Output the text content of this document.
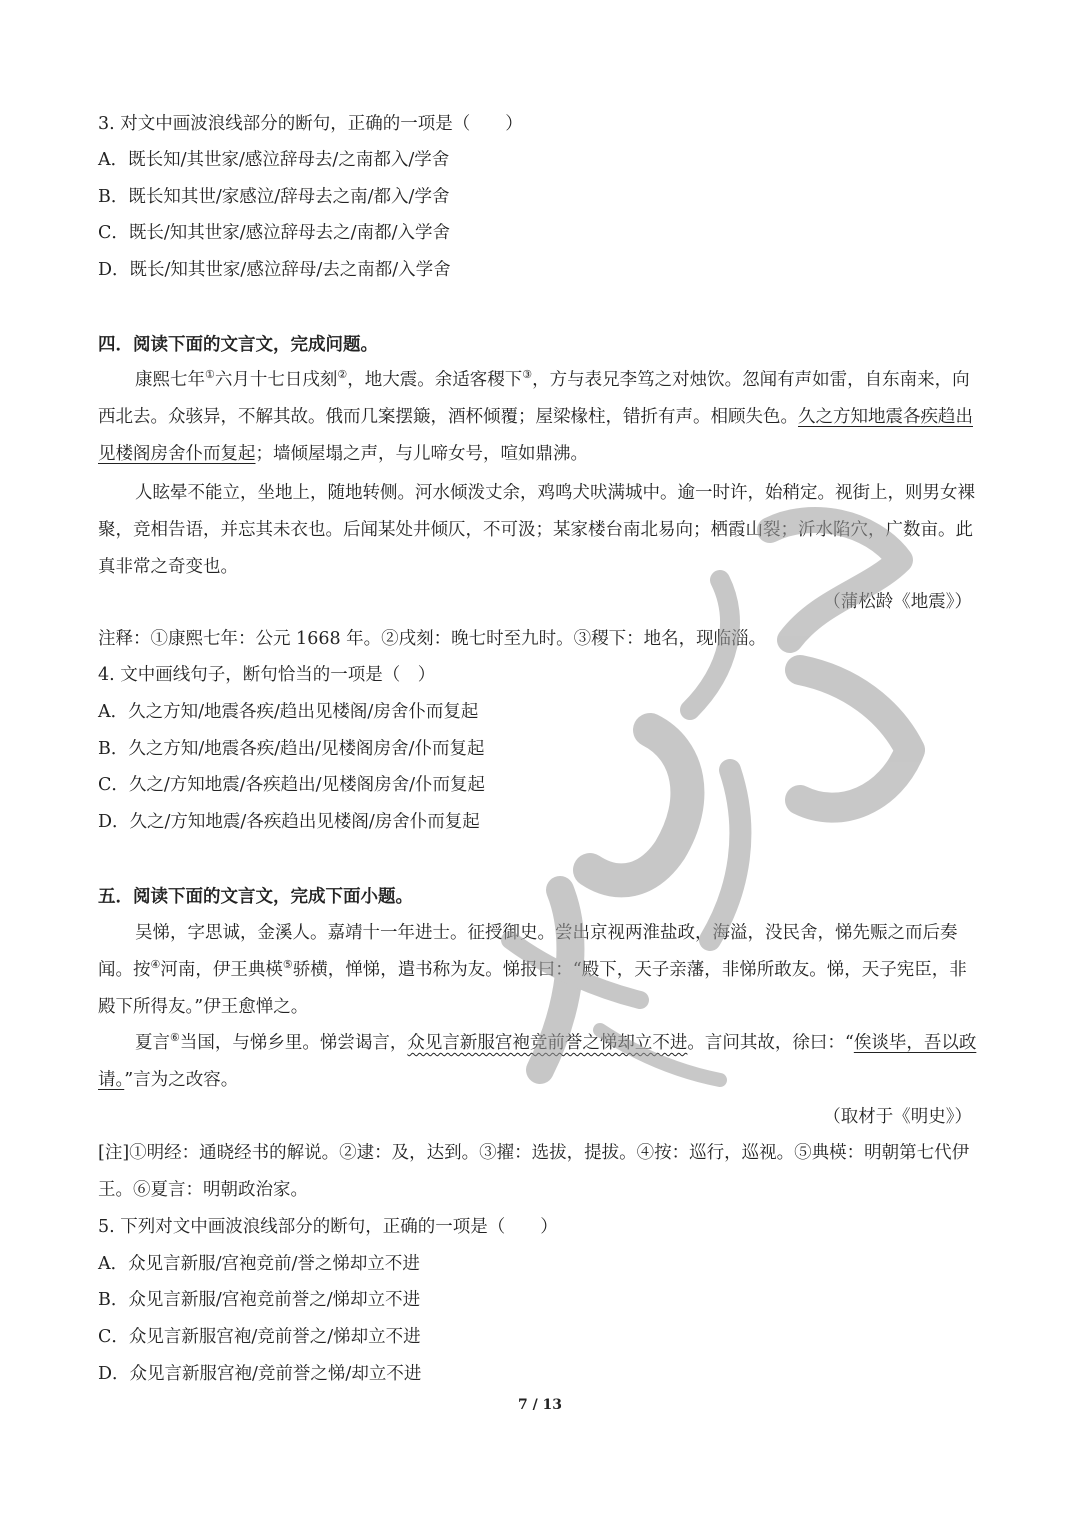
3. 对文中画波浪线部分的断句，正确的一项是（　　）
A．既长知/其世家/感泣辞母去/之南都入/学舍
B．既长知其世/家感泣/辞母去之南/都入/学舍
C．既长/知其世家/感泣辞母去之/南都/入学舍
D．既长/知其世家/感泣辞母/去之南都/入学舍
四．阅读下面的文言文，完成问题。
康熙七年①六月十七日戌刻②，地大震。余适客稷下③，方与表兄李笃之对烛饮。忽闻有声如雷，自东南来，向西北去。众骇异，不解其故。俄而几案摆簸，酒杯倾覆；屋梁椽柱，错折有声。相顾失色。久之方知地震各疾趋出见楼阁房舍仆而复起；墙倾屋塌之声，与儿啼女号，喧如鼎沸。
人眩晕不能立，坐地上，随地转侧。河水倾泼丈余，鸡鸣犬吠满城中。逾一时许，始稍定。视街上，则男女裸聚，竞相告语，并忘其未衣也。后闻某处井倾仄，不可汲；某家楼台南北易向；栖霞山裂；沂水陷穴，广数亩。此真非常之奇变也。
（蒲松龄《地震》）
注释：①康熙七年：公元 1668 年。②戌刻：晚七时至九时。③稷下：地名，现临淄。
4. 文中画线句子，断句恰当的一项是（　）
A．久之方知/地震各疾/趋出见楼阁/房舍仆而复起
B．久之方知/地震各疾/趋出/见楼阁房舍/仆而复起
C．久之/方知地震/各疾趋出/见楼阁房舍/仆而复起
D．久之/方知地震/各疾趋出见楼阁/房舍仆而复起
五．阅读下面的文言文，完成下面小题。
吴悌，字思诚，金溪人。嘉靖十一年进士。征授御史。尝出京视两淮盐政，海溢，没民舍，悌先赈之而后奏闻。按④河南，伊王典楧⑤骄横，惮悌，遣书称为友。悌报曰：“殿下，天子亲藩，非悌所敢友。悌，天子宪臣，非殿下所得友。”伊王愈惮之。
夏言⑥当国，与悌乡里。悌尝谒言，众见言新服宫袍竞前誉之悌却立不进。言问其故，徐曰：“俟谈毕，吾以政请。”言为之改容。
（取材于《明史》）
[注]①明经：通晓经书的解说。②逮：及，达到。③擢：选拔，提拔。④按：巡行，巡视。⑤典楧：明朝第七代伊王。⑥夏言：明朝政治家。
5. 下列对文中画波浪线部分的断句，正确的一项是（　　）
A．众见言新服/宫袍竞前/誉之悌却立不进
B．众见言新服/宫袍竞前誉之/悌却立不进
C．众见言新服宫袍/竞前誉之/悌却立不进
D．众见言新服宫袍/竞前誉之悌/却立不进
7 / 13
